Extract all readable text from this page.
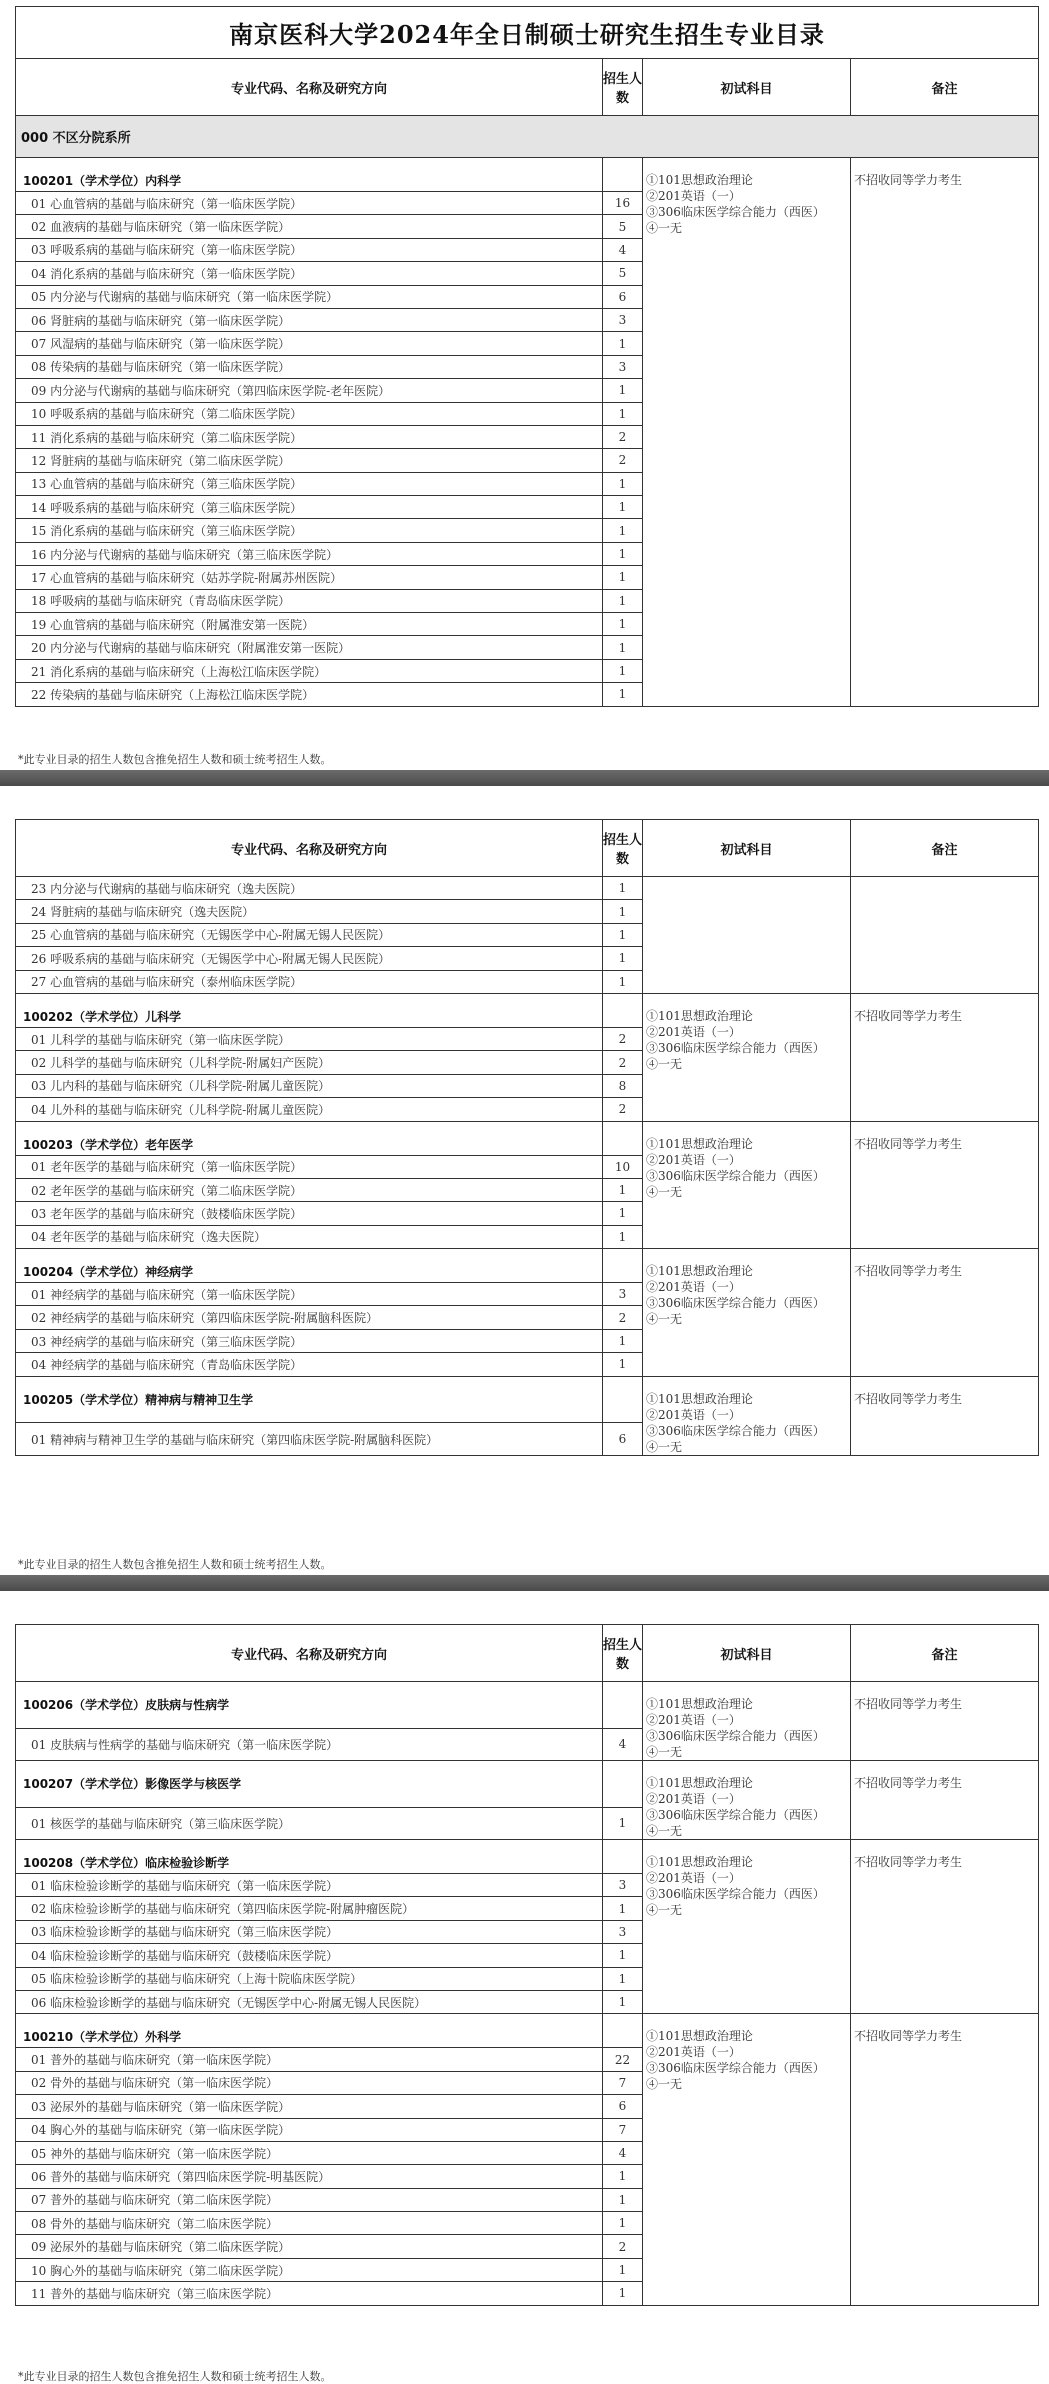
南京医科大学2024年全日制硕士研究生招生专业目录			
专业代码、名称及研究方向	招生人数	初试科目	备注
000 不区分院系所			
100201（学术学位）内科学		①101思想政治理论
②201英语（一）
③306临床医学综合能力（西医）
④一无	不招收同等学力考生

01 心血管病的基础与临床研究（第一临床医学院）	16		
02 血液病的基础与临床研究（第一临床医学院）	5		
03 呼吸系病的基础与临床研究（第一临床医学院）	4		
04 消化系病的基础与临床研究（第一临床医学院）	5		
05 内分泌与代谢病的基础与临床研究（第一临床医学院）	6		
06 肾脏病的基础与临床研究（第一临床医学院）	3		
07 风湿病的基础与临床研究（第一临床医学院）	1		
08 传染病的基础与临床研究（第一临床医学院）	3		
09 内分泌与代谢病的基础与临床研究（第四临床医学院-老年医院）	1		
10 呼吸系病的基础与临床研究（第二临床医学院）	1		
11 消化系病的基础与临床研究（第二临床医学院）	2		
12 肾脏病的基础与临床研究（第二临床医学院）	2		
13 心血管病的基础与临床研究（第三临床医学院）	1		
14 呼吸系病的基础与临床研究（第三临床医学院）	1		
15 消化系病的基础与临床研究（第三临床医学院）	1		
16 内分泌与代谢病的基础与临床研究（第三临床医学院）	1		
17 心血管病的基础与临床研究（姑苏学院-附属苏州医院）	1		
18 呼吸病的基础与临床研究（青岛临床医学院）	1		
19 心血管病的基础与临床研究（附属淮安第一医院）	1		
20 内分泌与代谢病的基础与临床研究（附属淮安第一医院）	1		
21 消化系病的基础与临床研究（上海松江临床医学院）	1		
22 传染病的基础与临床研究（上海松江临床医学院）	1		
*此专业目录的招生人数包含推免招生人数和硕士统考招生人数。
专业代码、名称及研究方向	招生人数	初试科目	备注
23 内分泌与代谢病的基础与临床研究（逸夫医院）	1		
24 肾脏病的基础与临床研究（逸夫医院）	1		
25 心血管病的基础与临床研究（无锡医学中心-附属无锡人民医院）	1		
26 呼吸系病的基础与临床研究（无锡医学中心-附属无锡人民医院）	1		
27 心血管病的基础与临床研究（泰州临床医学院）	1		
100202（学术学位）儿科学		①101思想政治理论
②201英语（一）
③306临床医学综合能力（西医）
④一无	不招收同等学力考生

01 儿科学的基础与临床研究（第一临床医学院）	2		
02 儿科学的基础与临床研究（儿科学院-附属妇产医院）	2		
03 儿内科的基础与临床研究（儿科学院-附属儿童医院）	8		
04 儿外科的基础与临床研究（儿科学院-附属儿童医院）	2		
100203（学术学位）老年医学		①101思想政治理论
②201英语（一）
③306临床医学综合能力（西医）
④一无	不招收同等学力考生

01 老年医学的基础与临床研究（第一临床医学院）	10		
02 老年医学的基础与临床研究（第二临床医学院）	1		
03 老年医学的基础与临床研究（鼓楼临床医学院）	1		
04 老年医学的基础与临床研究（逸夫医院）	1		
100204（学术学位）神经病学		①101思想政治理论
②201英语（一）
③306临床医学综合能力（西医）
④一无	不招收同等学力考生

01 神经病学的基础与临床研究（第一临床医学院）	3		
02 神经病学的基础与临床研究（第四临床医学院-附属脑科医院）	2		
03 神经病学的基础与临床研究（第三临床医学院）	1		
04 神经病学的基础与临床研究（青岛临床医学院）	1		
100205（学术学位）精神病与精神卫生学		①101思想政治理论
②201英语（一）
③306临床医学综合能力（西医）
④一无	不招收同等学力考生

01 精神病与精神卫生学的基础与临床研究（第四临床医学院-附属脑科医院）	6		
*此专业目录的招生人数包含推免招生人数和硕士统考招生人数。
专业代码、名称及研究方向	招生人数	初试科目	备注
100206（学术学位）皮肤病与性病学		①101思想政治理论
②201英语（一）
③306临床医学综合能力（西医）
④一无	不招收同等学力考生

01 皮肤病与性病学的基础与临床研究（第一临床医学院）	4		
100207（学术学位）影像医学与核医学		①101思想政治理论
②201英语（一）
③306临床医学综合能力（西医）
④一无	不招收同等学力考生

01 核医学的基础与临床研究（第三临床医学院）	1		
100208（学术学位）临床检验诊断学		①101思想政治理论
②201英语（一）
③306临床医学综合能力（西医）
④一无	不招收同等学力考生

01 临床检验诊断学的基础与临床研究（第一临床医学院）	3		
02 临床检验诊断学的基础与临床研究（第四临床医学院-附属肿瘤医院）	1		
03 临床检验诊断学的基础与临床研究（第三临床医学院）	3		
04 临床检验诊断学的基础与临床研究（鼓楼临床医学院）	1		
05 临床检验诊断学的基础与临床研究（上海十院临床医学院）	1		
06 临床检验诊断学的基础与临床研究（无锡医学中心-附属无锡人民医院）	1		
100210（学术学位）外科学		①101思想政治理论
②201英语（一）
③306临床医学综合能力（西医）
④一无	不招收同等学力考生

01 普外的基础与临床研究（第一临床医学院）	22		
02 骨外的基础与临床研究（第一临床医学院）	7		
03 泌尿外的基础与临床研究（第一临床医学院）	6		
04 胸心外的基础与临床研究（第一临床医学院）	7		
05 神外的基础与临床研究（第一临床医学院）	4		
06 普外的基础与临床研究（第四临床医学院-明基医院）	1		
07 普外的基础与临床研究（第二临床医学院）	1		
08 骨外的基础与临床研究（第二临床医学院）	1		
09 泌尿外的基础与临床研究（第二临床医学院）	2		
10 胸心外的基础与临床研究（第二临床医学院）	1		
11 普外的基础与临床研究（第三临床医学院）	1		
*此专业目录的招生人数包含推免招生人数和硕士统考招生人数。
